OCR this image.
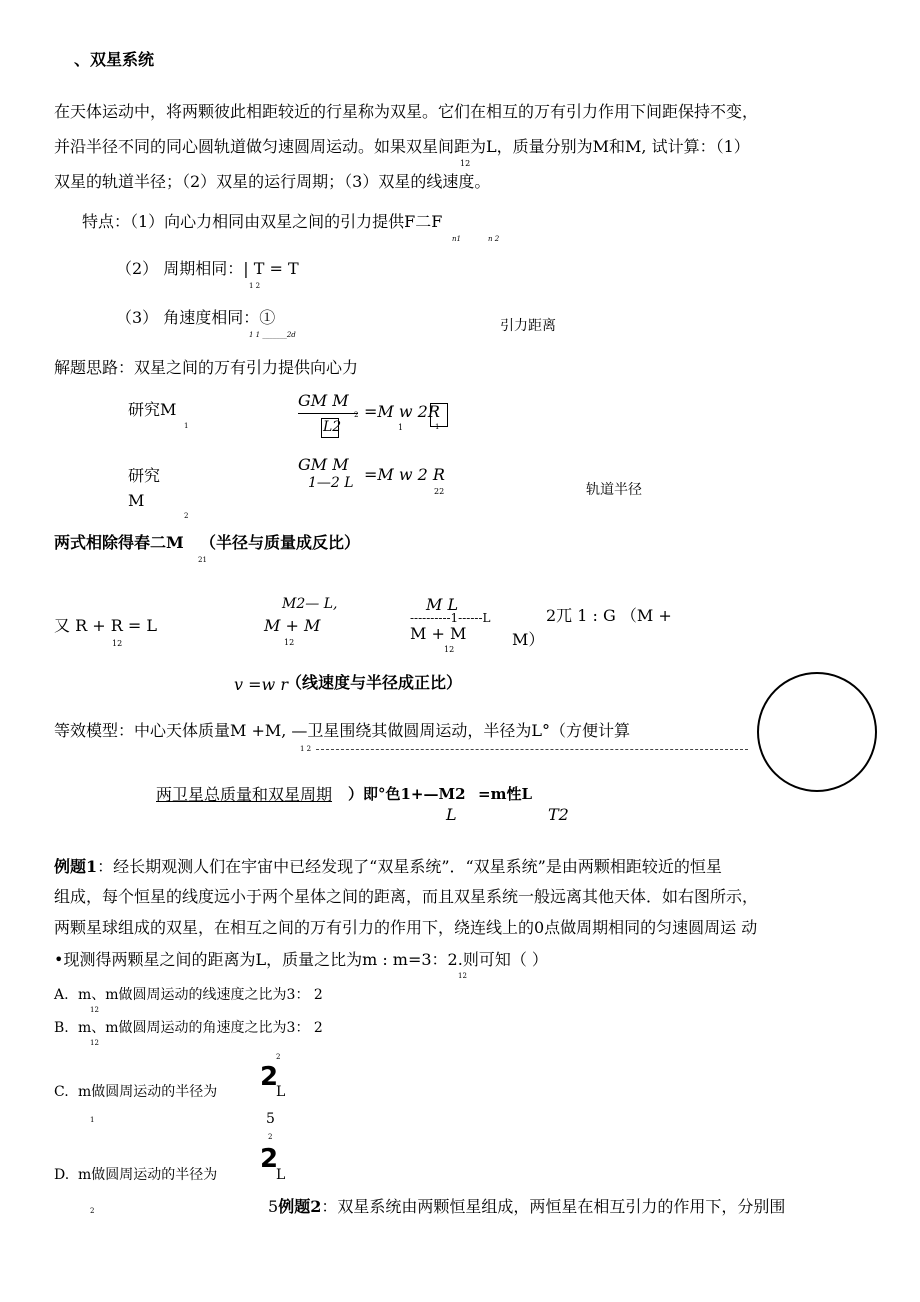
、双星系统
在天体运动中，将两颗彼此相距较近的行星称为双星。它们在相互的万有引力作用下间距保持不变，
并沿半径不同的同心圆轨道做匀速圆周运动。如果双星间距为L，质量分别为M和M, 试计算：（1）
12
双星的轨道半径；（2）双星的运行周期；（3）双星的线速度。
特点：（1）向心力相同由双星之间的引力提供F二F
n1	n 2
（2） 周期相同：| T = T
1 2
（3） 角速度相同：①
1 1 _______2d
引力距离
解题思路：双星之间的万有引力提供向心力
研究M
1
GM M
L2
2 =M w 2R
1	1
研究
M
2
GM M
1—2 L =M w 2 R
22	轨道半径
两式相除得春二M （半径与质量成反比）
21
又 R + R = L
12
M2— L,
M + M
12
M L
----------1------L
M + M
12
2兀 1 : G （M +
M）
v =w r
（线速度与半径成正比）
等效模型：中心天体质量M +M, —卫星围绕其做圆周运动，半径为L°（方便计算
1 2
两卫星总质量和双星周期 ）即°色1+—M2 =m性L
L	T2
例题1：经长期观测人们在宇宙中已经发现了“双星系统”．“双星系统”是由两颗相距较近的恒星
组成，每个恒星的线度远小于两个星体之间的距离，而且双星系统一般远离其他天体．如右图所示，
两颗星球组成的双星，在相互之间的万有引力的作用下，绕连线上的0点做周期相同的匀速圆周运 动
•现测得两颗星之间的距离为L，质量之比为m : m=3：2.则可知（ ）
12
A. m、m做圆周运动的线速度之比为3： 2
12
B. m、m做圆周运动的角速度之比为3： 2
12
2
C. m做圆周运动的半径为 2
L
1	5
2
D. m做圆周运动的半径为
2
L
2	5例题2：双星系统由两颗恒星组成，两恒星在相互引力的作用下，分别围
